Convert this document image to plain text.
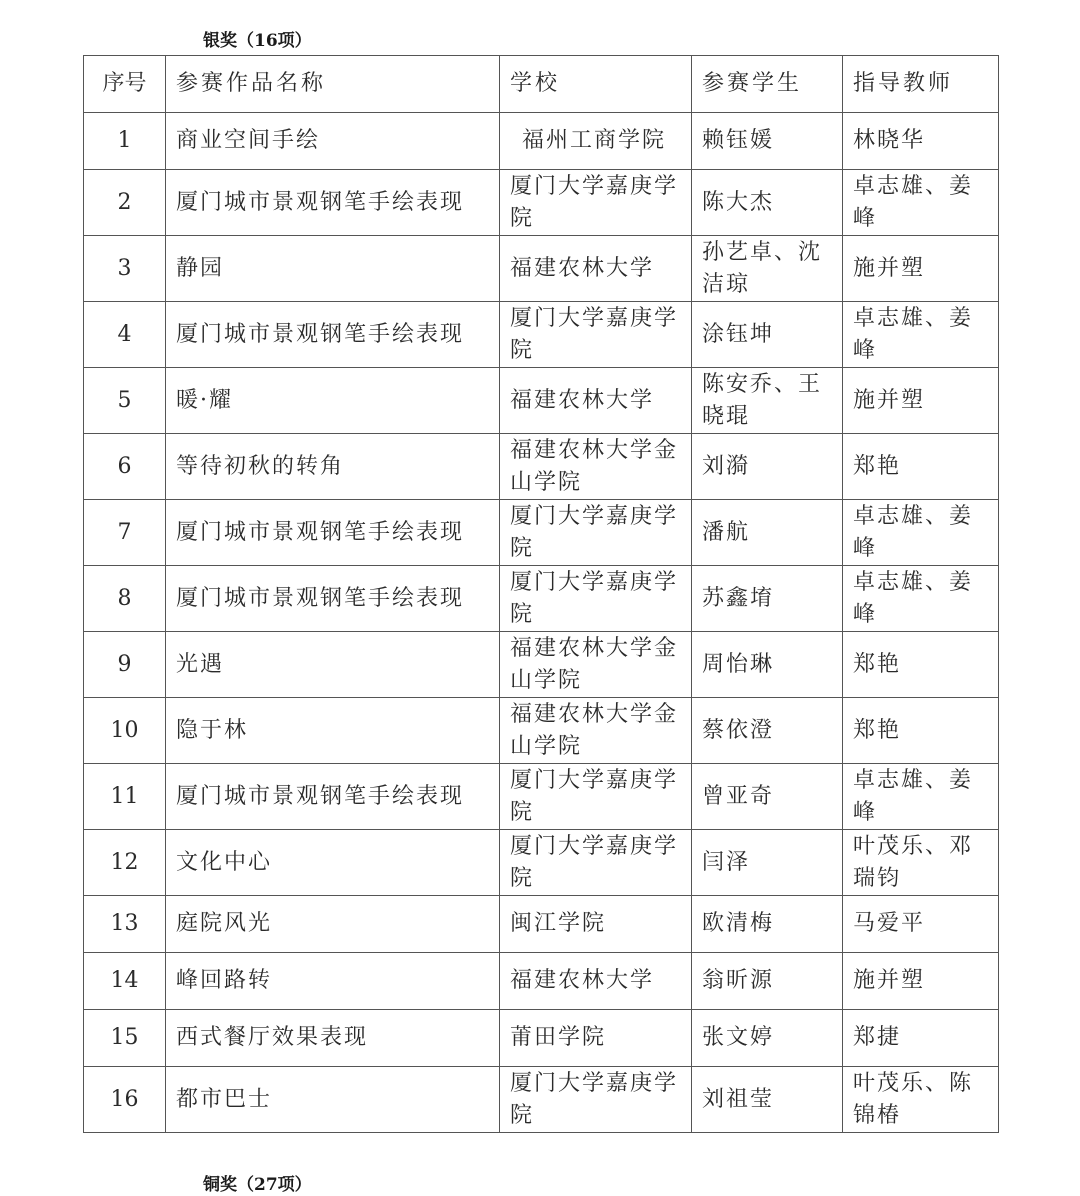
银奖（16项）
序号	参赛作品名称	学校	参赛学生	指导教师
1	商业空间手绘	福州工商学院	赖钰媛	林晓华
2	厦门城市景观钢笔手绘表现	厦门大学嘉庚学院	陈大杰	卓志雄、姜峰
3	静园	福建农林大学	孙艺卓、沈洁琼	施并塑
4	厦门城市景观钢笔手绘表现	厦门大学嘉庚学院	涂钰坤	卓志雄、姜峰
5	暖·耀	福建农林大学	陈安乔、王晓琨	施并塑
6	等待初秋的转角	福建农林大学金山学院	刘漪	郑艳
7	厦门城市景观钢笔手绘表现	厦门大学嘉庚学院	潘航	卓志雄、姜峰
8	厦门城市景观钢笔手绘表现	厦门大学嘉庚学院	苏鑫堉	卓志雄、姜峰
9	光遇	福建农林大学金山学院	周怡琳	郑艳
10	隐于林	福建农林大学金山学院	蔡依澄	郑艳
11	厦门城市景观钢笔手绘表现	厦门大学嘉庚学院	曾亚奇	卓志雄、姜峰
12	文化中心	厦门大学嘉庚学院	闫泽	叶茂乐、邓瑞钧
13	庭院风光	闽江学院	欧清梅	马爱平
14	峰回路转	福建农林大学	翁昕源	施并塑
15	西式餐厅效果表现	莆田学院	张文婷	郑捷
16	都市巴士	厦门大学嘉庚学院	刘祖莹	叶茂乐、陈锦椿
铜奖（27项）
